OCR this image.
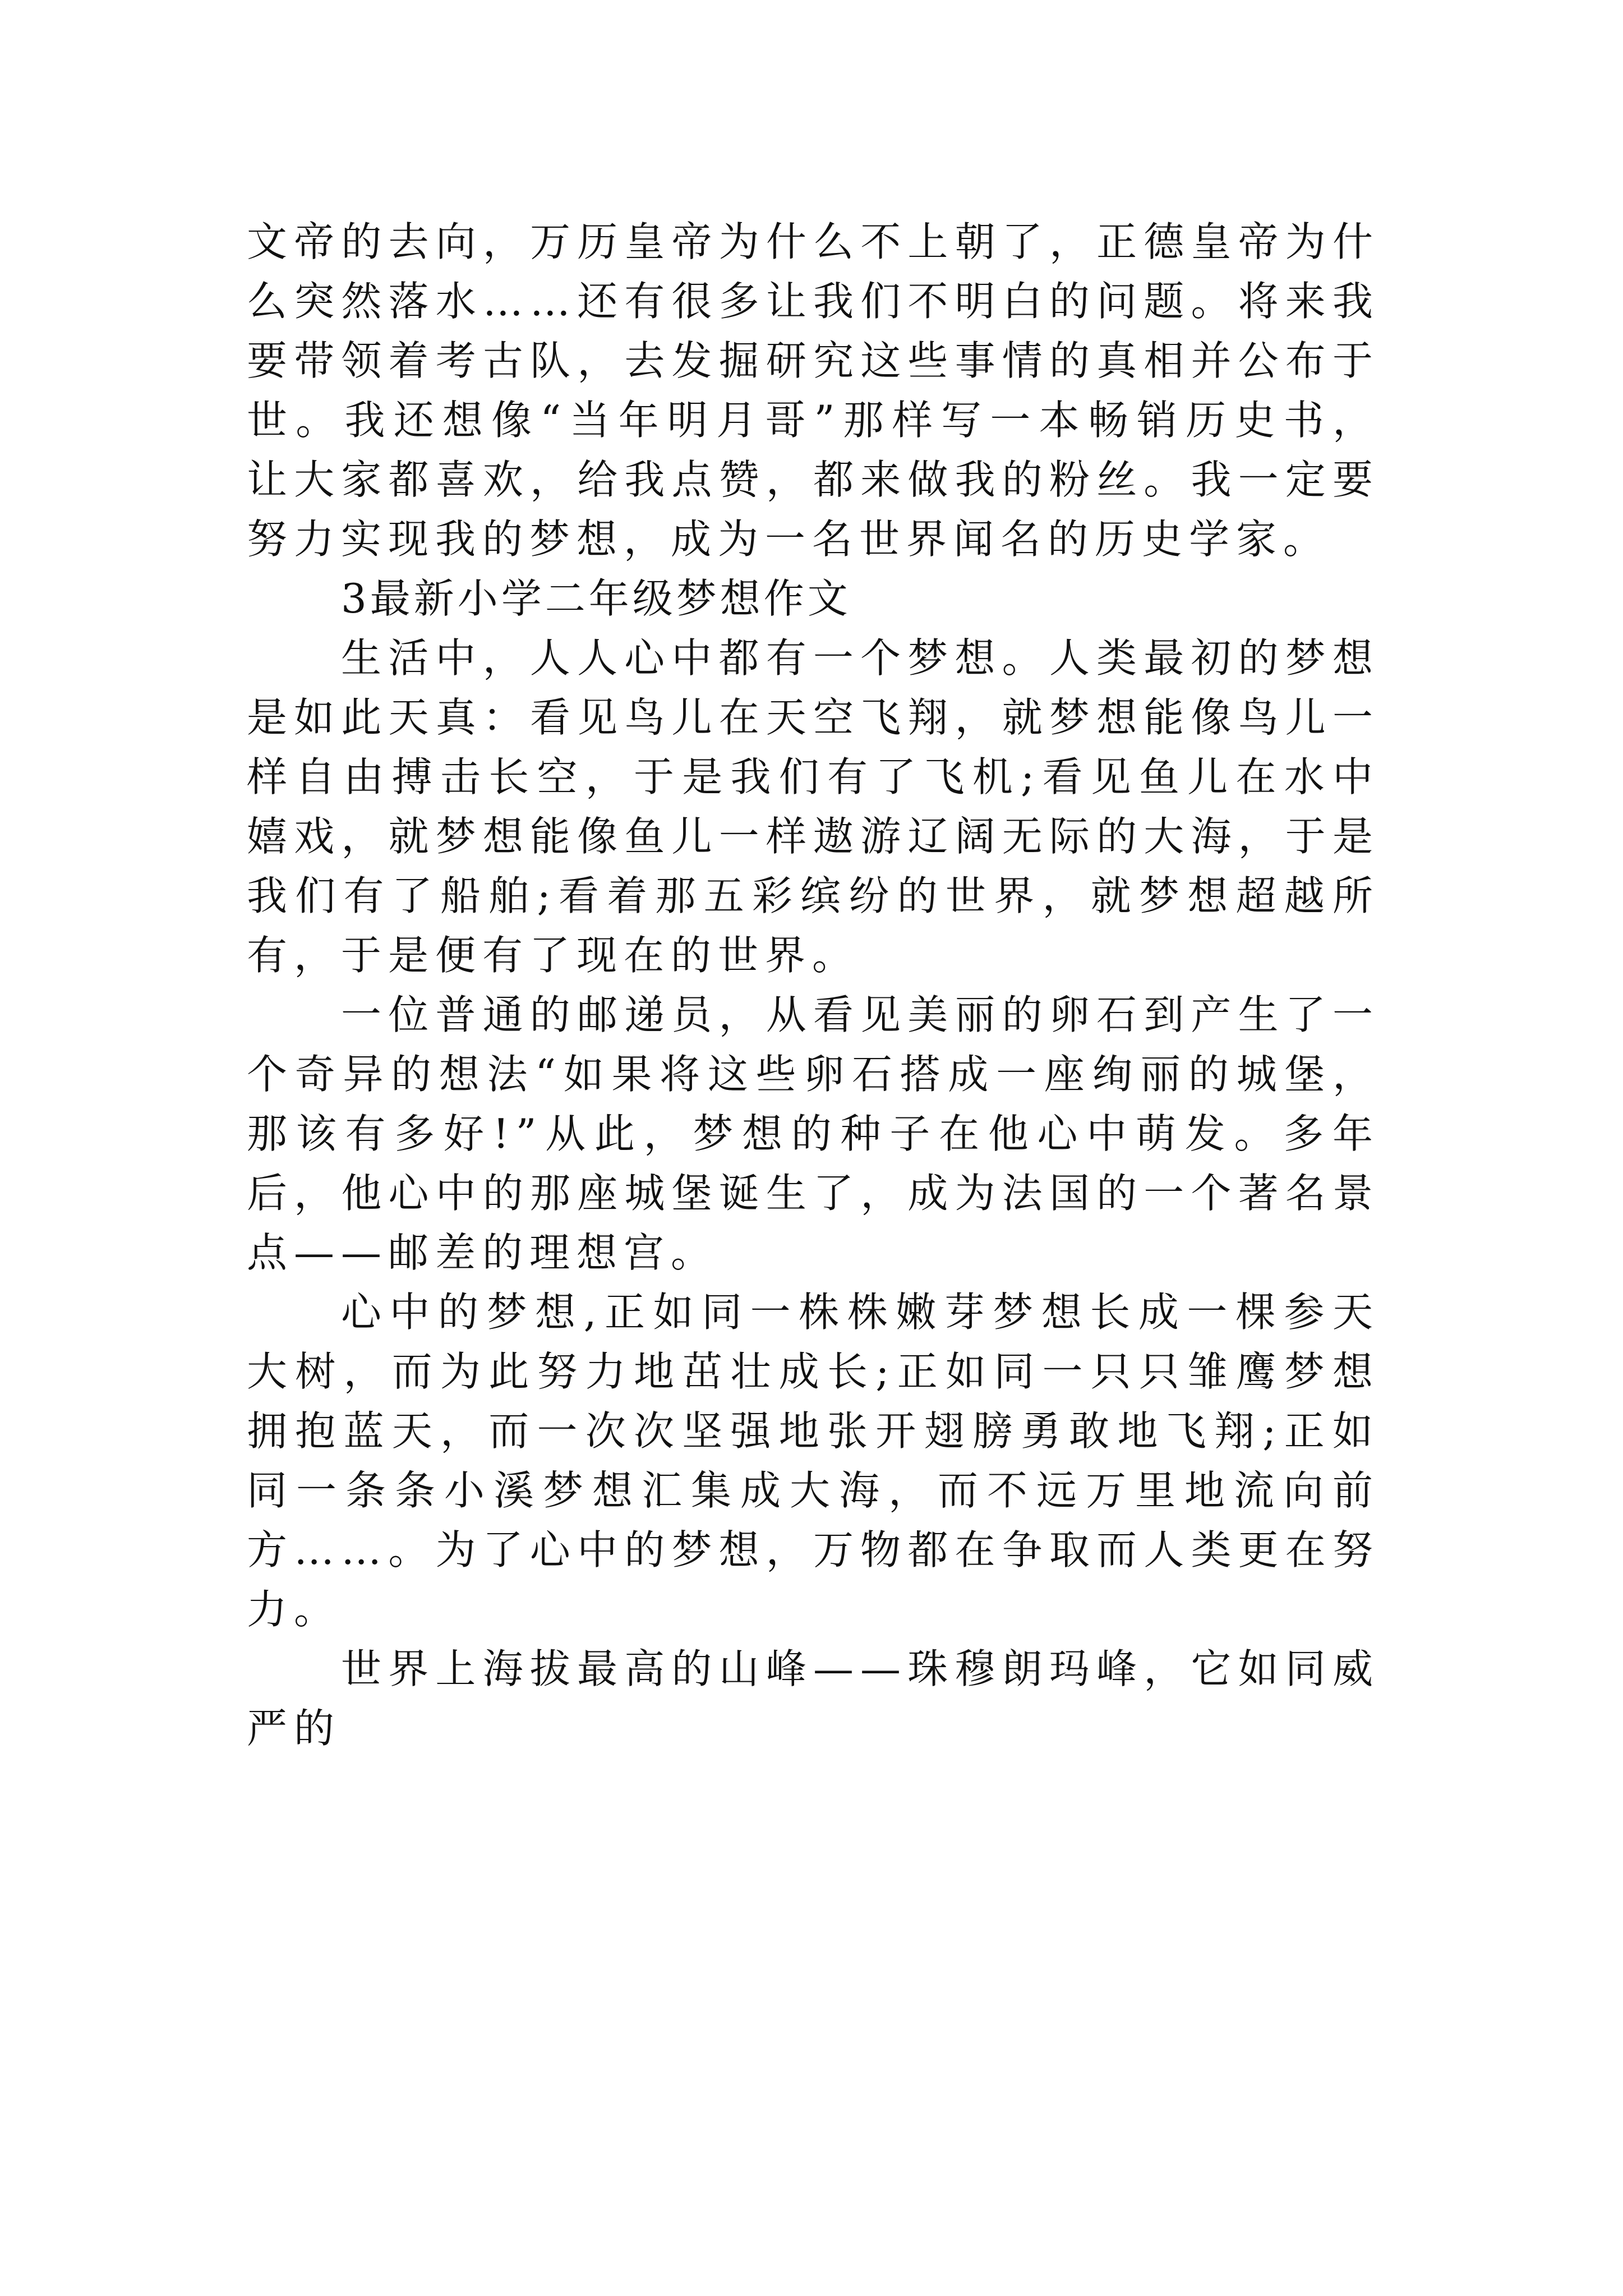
文帝的去向，万历皇帝为什么不上朝了，正德皇帝为什么突然落水……还有很多让我们不明白的问题。将来我要带领着考古队，去发掘研究这些事情的真相并公布于世。我还想像“当年明月哥”那样写一本畅销历史书，让大家都喜欢，给我点赞，都来做我的粉丝。我一定要努力实现我的梦想，成为一名世界闻名的历史学家。

3最新小学二年级梦想作文

生活中，人人心中都有一个梦想。人类最初的梦想是如此天真：看见鸟儿在天空飞翔，就梦想能像鸟儿一样自由搏击长空，于是我们有了飞机;看见鱼儿在水中嬉戏，就梦想能像鱼儿一样遨游辽阔无际的大海，于是我们有了船舶;看着那五彩缤纷的世界，就梦想超越所有，于是便有了现在的世界。

一位普通的邮递员，从看见美丽的卵石到产生了一个奇异的想法“如果将这些卵石搭成一座绚丽的城堡，那该有多好!”从此，梦想的种子在他心中萌发。多年后，他心中的那座城堡诞生了，成为法国的一个著名景点——邮差的理想宫。

心中的梦想,正如同一株株嫩芽梦想长成一棵参天大树，而为此努力地茁壮成长;正如同一只只雏鹰梦想拥抱蓝天，而一次次坚强地张开翅膀勇敢地飞翔;正如同一条条小溪梦想汇集成大海，而不远万里地流向前方……。为了心中的梦想，万物都在争取而人类更在努力。

世界上海拔最高的山峰——珠穆朗玛峰，它如同威严的
